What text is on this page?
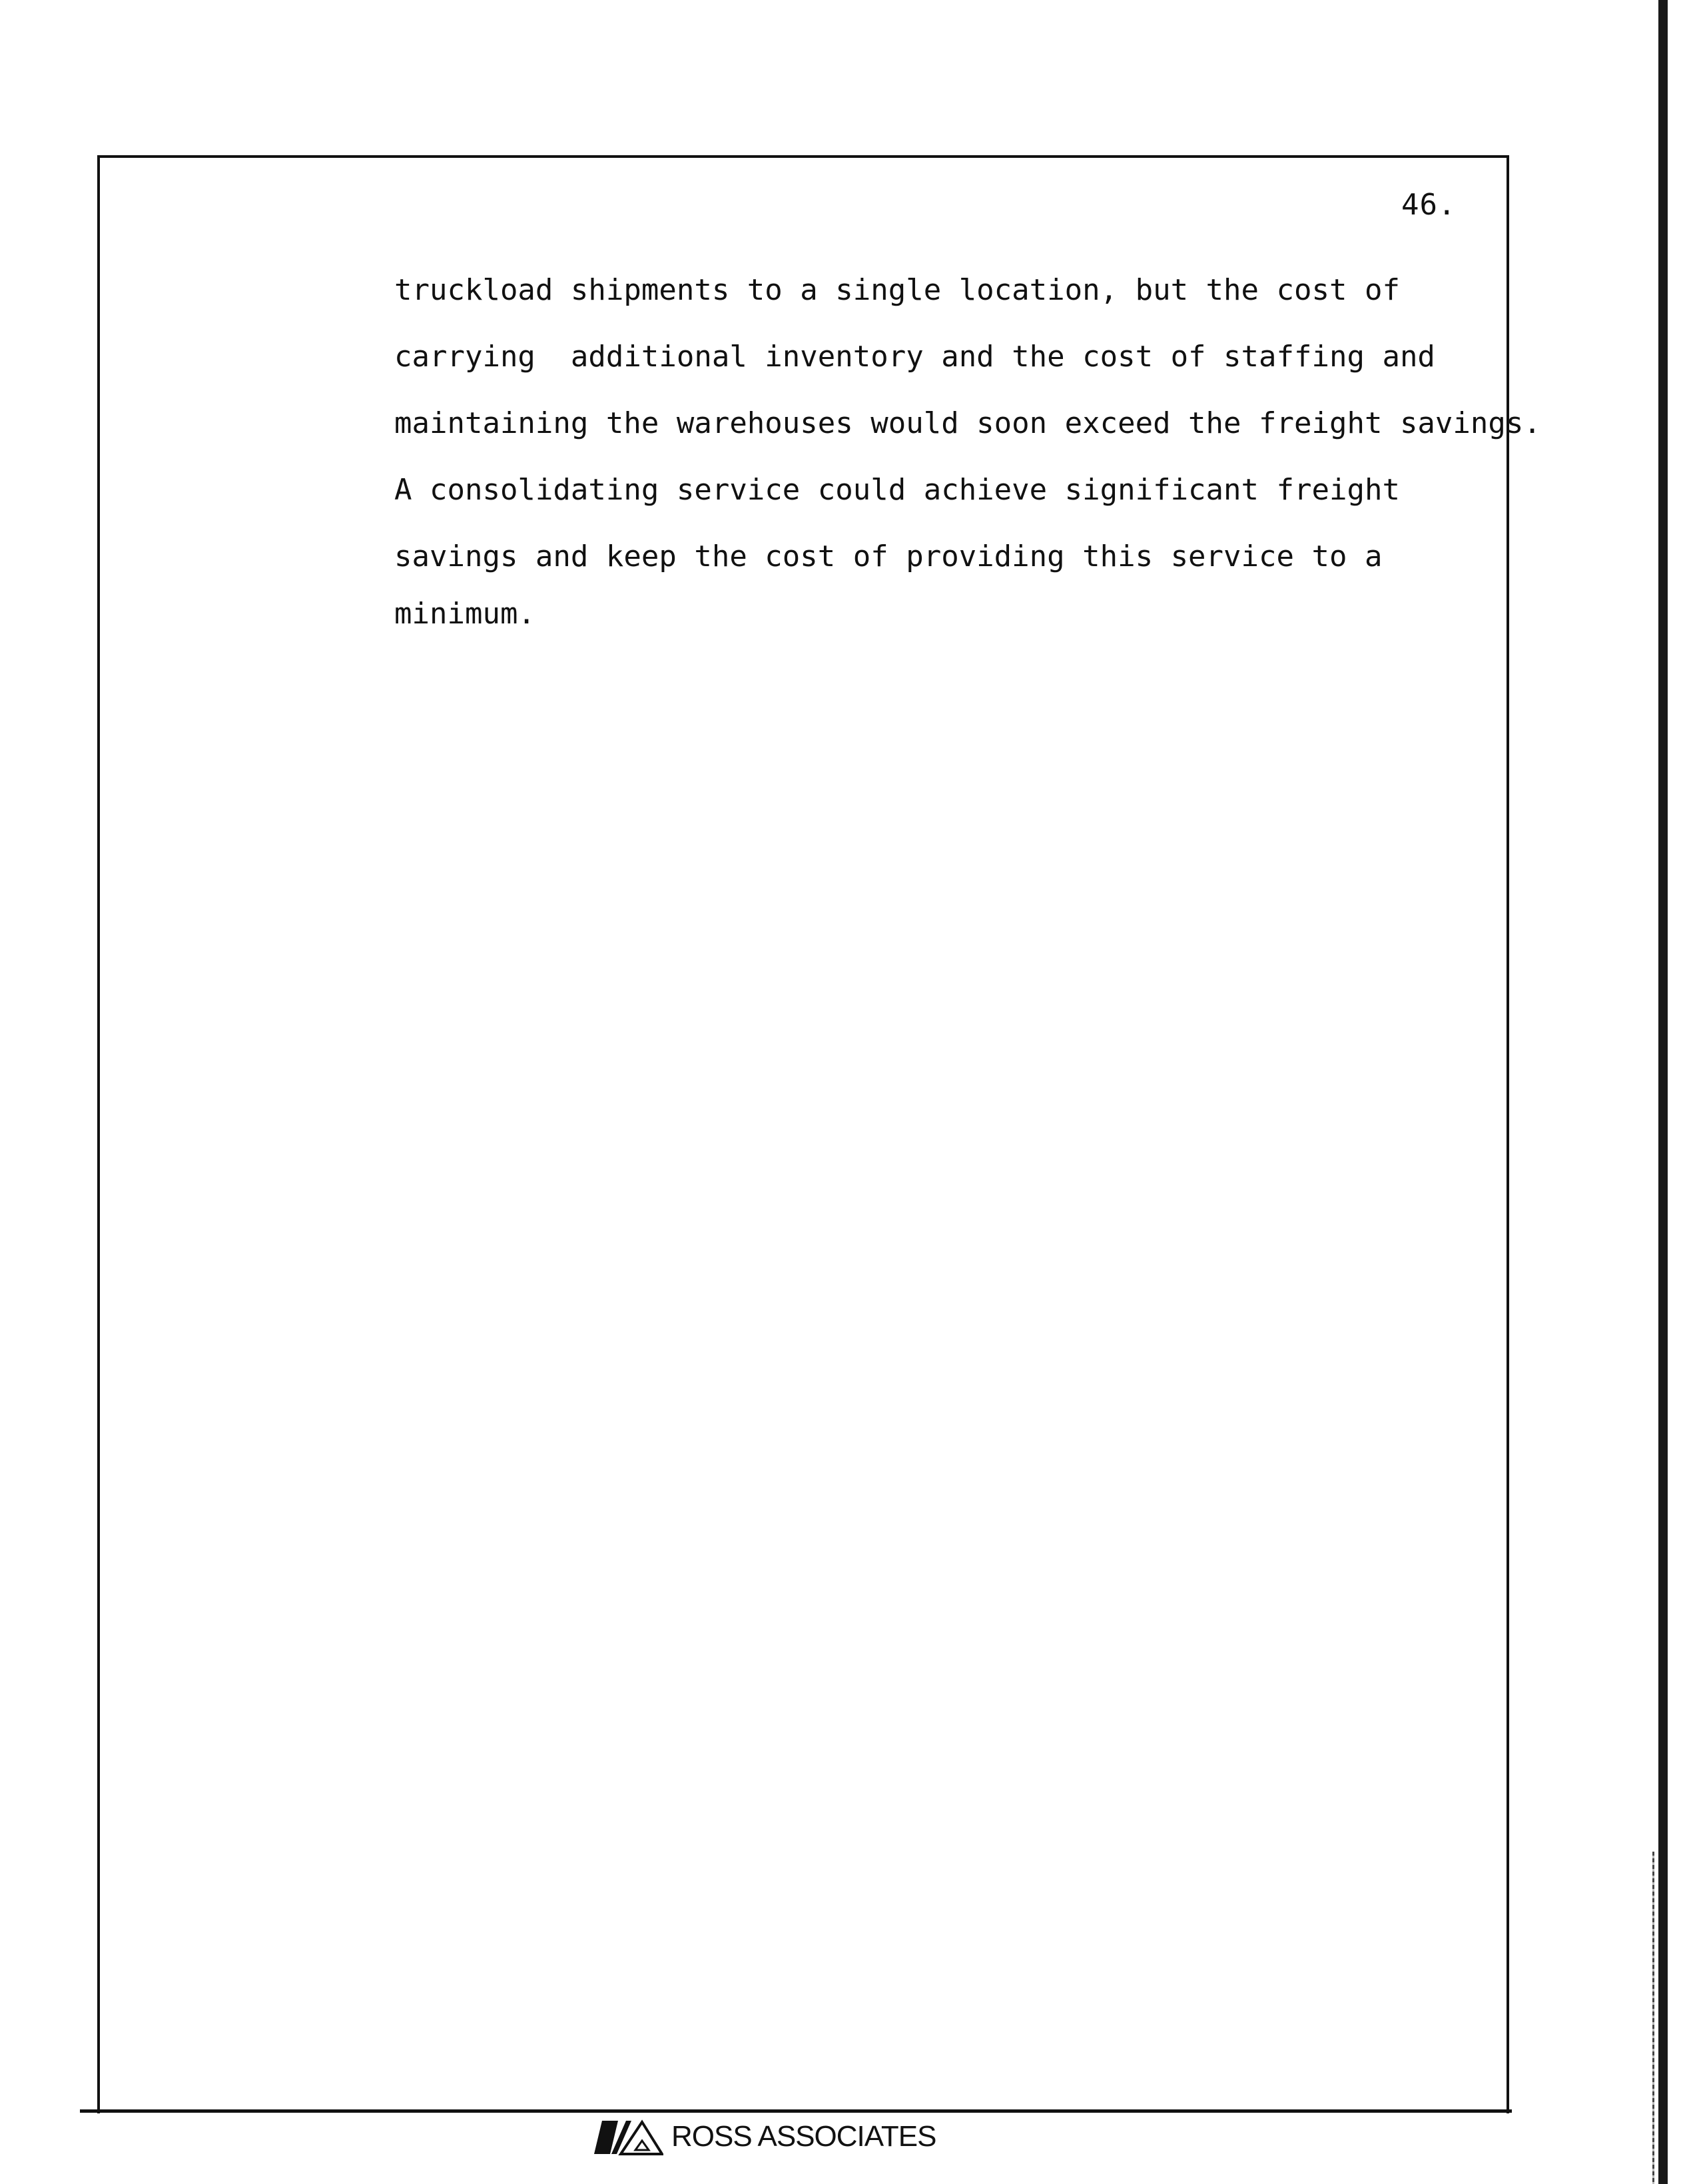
46.

truckload shipments to a single location, but the cost of

carrying  additional inventory and the cost of staffing and

maintaining the warehouses would soon exceed the freight savings.

A consolidating service could achieve significant freight

savings and keep the cost of providing this service to a

minimum.

ROSS ASSOCIATES
